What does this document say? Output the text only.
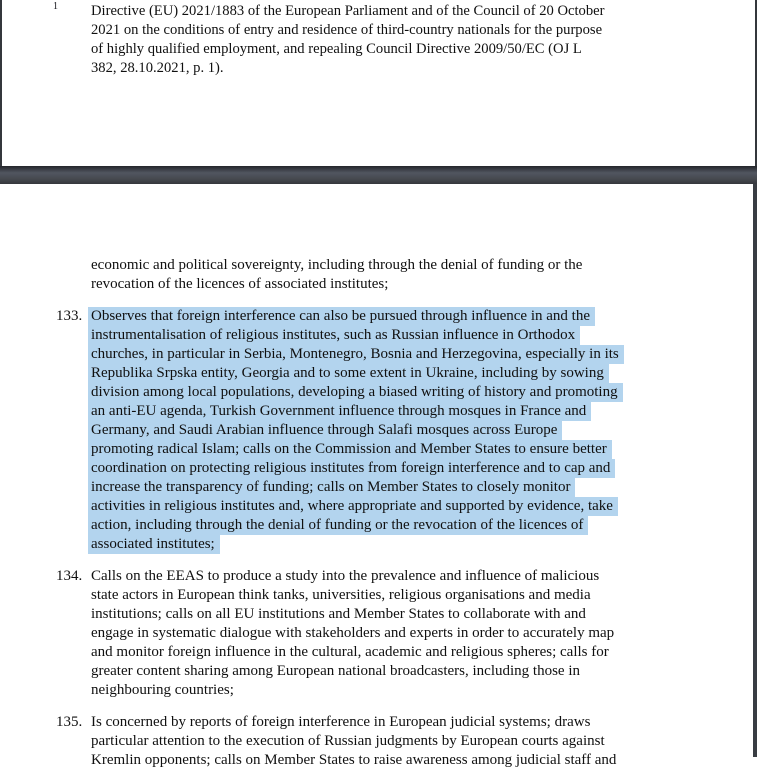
1 Directive (EU) 2021/1883 of the European Parliament and of the Council of 20 October
2021 on the conditions of entry and residence of third-country nationals for the purpose
of highly qualified employment, and repealing Council Directive 2009/50/EC (OJ L
382, 28.10.2021, p. 1).
economic and political sovereignty, including through the denial of funding or the
revocation of the licences of associated institutes;
133. Observes that foreign interference can also be pursued through influence in and the
instrumentalisation of religious institutes, such as Russian influence in Orthodox
churches, in particular in Serbia, Montenegro, Bosnia and Herzegovina, especially in its
Republika Srpska entity, Georgia and to some extent in Ukraine, including by sowing
division among local populations, developing a biased writing of history and promoting
an anti-EU agenda, Turkish Government influence through mosques in France and
Germany, and Saudi Arabian influence through Salafi mosques across Europe
promoting radical Islam; calls on the Commission and Member States to ensure better
coordination on protecting religious institutes from foreign interference and to cap and
increase the transparency of funding; calls on Member States to closely monitor
activities in religious institutes and, where appropriate and supported by evidence, take
action, including through the denial of funding or the revocation of the licences of
associated institutes;
134. Calls on the EEAS to produce a study into the prevalence and influence of malicious
state actors in European think tanks, universities, religious organisations and media
institutions; calls on all EU institutions and Member States to collaborate with and
engage in systematic dialogue with stakeholders and experts in order to accurately map
and monitor foreign influence in the cultural, academic and religious spheres; calls for
greater content sharing among European national broadcasters, including those in
neighbouring countries;
135. Is concerned by reports of foreign interference in European judicial systems; draws
particular attention to the execution of Russian judgments by European courts against
Kremlin opponents; calls on Member States to raise awareness among judicial staff and
